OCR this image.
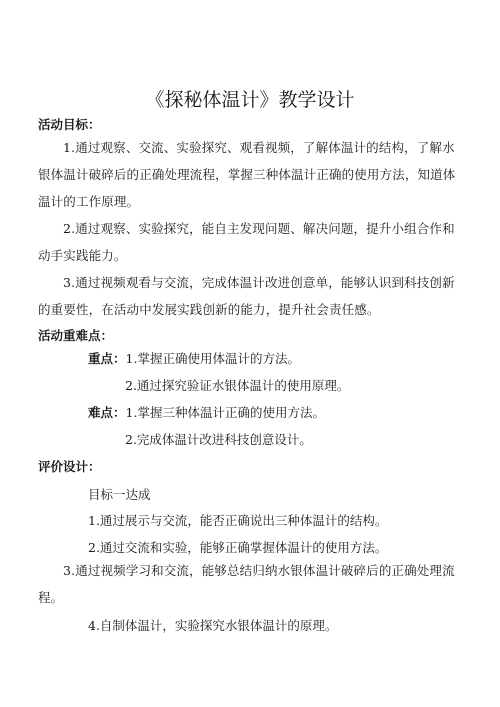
《探秘体温计》教学设计
活动目标：
1.通过观察、交流、实验探究、观看视频，了解体温计的结构，了解水银体温计破碎后的正确处理流程，掌握三种体温计正确的使用方法，知道体温计的工作原理。
2.通过观察、实验探究，能自主发现问题、解决问题，提升小组合作和动手实践能力。
3.通过视频观看与交流，完成体温计改进创意单，能够认识到科技创新的重要性，在活动中发展实践创新的能力，提升社会责任感。
活动重难点：
重点：1.掌握正确使用体温计的方法。
2.通过探究验证水银体温计的使用原理。
难点：1.掌握三种体温计正确的使用方法。
2.完成体温计改进科技创意设计。
评价设计：
目标一达成
1.通过展示与交流，能否正确说出三种体温计的结构。
2.通过交流和实验，能够正确掌握体温计的使用方法。
3.通过视频学习和交流，能够总结归纳水银体温计破碎后的正确处理流程。
4.自制体温计，实验探究水银体温计的原理。
